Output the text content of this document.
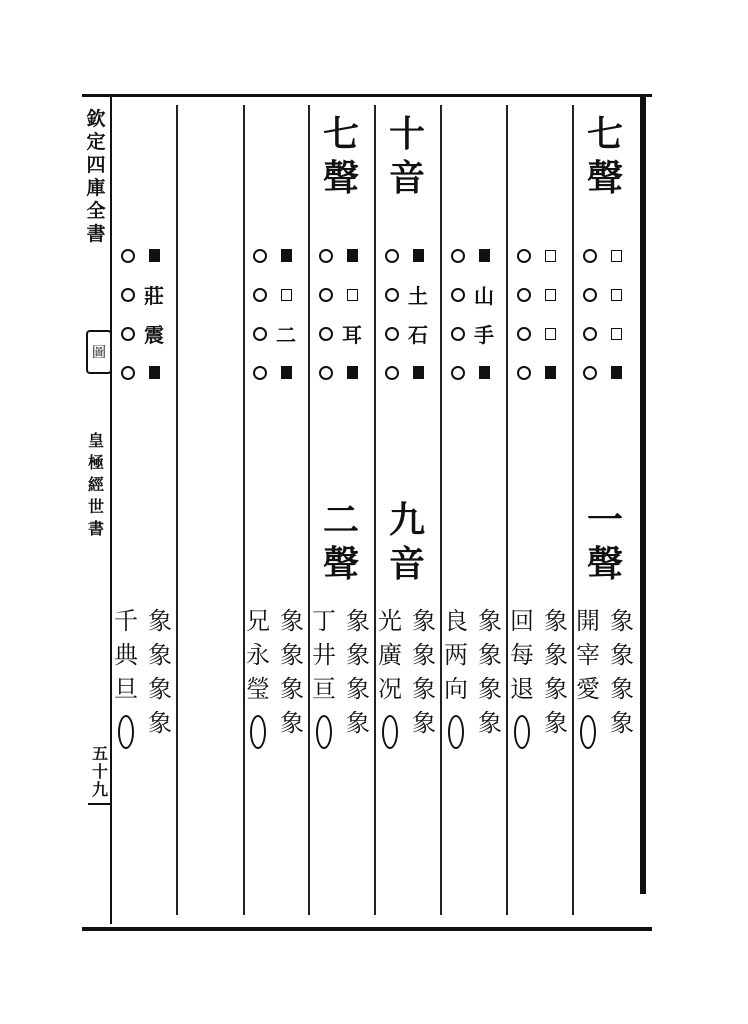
欽
定
四
庫
全
書
圖
皇
極
經
世
書
五
十
九
七
聲
一
聲
象
象
象
象
開
宰
愛
象
象
象
象
回
每
退
山
手
象
象
象
象
良
两
向
十
音
土
石
九
音
象
象
象
象
光
廣
况
七
聲
耳
二
聲
象
象
象
象
丁
井
亘
二
象
象
象
象
兄
永
瑩
莊
震
象
象
象
象
千
典
旦
